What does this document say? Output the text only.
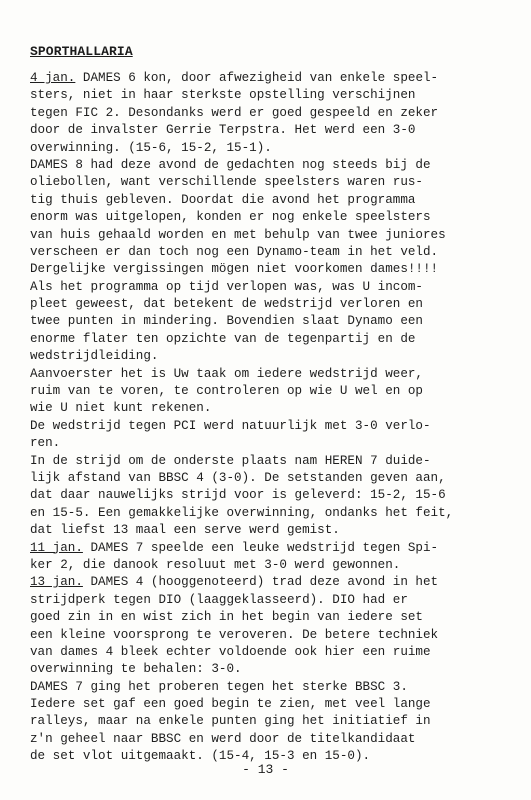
SPORTHALLARIA
4 jan. DAMES 6 kon, door afwezigheid van enkele speel-
sters, niet in haar sterkste opstelling verschijnen
tegen FIC 2. Desondanks werd er goed gespeeld en zeker
door de invalster Gerrie Terpstra. Het werd een 3-0
overwinning. (15-6, 15-2, 15-1).
DAMES 8 had deze avond de gedachten nog steeds bij de
oliebollen, want verschillende speelsters waren rus-
tig thuis gebleven. Doordat die avond het programma
enorm was uitgelopen, konden er nog enkele speelsters
van huis gehaald worden en met behulp van twee juniores
verscheen er dan toch nog een Dynamo-team in het veld.
Dergelijke vergissingen mögen niet voorkomen dames!!!!
Als het programma op tijd verlopen was, was U incom-
pleet geweest, dat betekent de wedstrijd verloren en
twee punten in mindering. Bovendien slaat Dynamo een
enorme flater ten opzichte van de tegenpartij en de
wedstrijdleiding.
Aanvoerster het is Uw taak om iedere wedstrijd weer,
ruim van te voren, te controleren op wie U wel en op
wie U niet kunt rekenen.
De wedstrijd tegen PCI werd natuurlijk met 3-0 verlo-
ren.
In de strijd om de onderste plaats nam HEREN 7 duide-
lijk afstand van BBSC 4 (3-0). De setstanden geven aan,
dat daar nauwelijks strijd voor is geleverd: 15-2, 15-6
en 15-5. Een gemakkelijke overwinning, ondanks het feit,
dat liefst 13 maal een serve werd gemist.
11 jan. DAMES 7 speelde een leuke wedstrijd tegen Spi-
ker 2, die danook resoluut met 3-0 werd gewonnen.
13 jan. DAMES 4 (hooggenoteerd) trad deze avond in het
strijdperk tegen DIO (laaggeklasseerd). DIO had er
goed zin in en wist zich in het begin van iedere set
een kleine voorsprong te veroveren. De betere techniek
van dames 4 bleek echter voldoende ook hier een ruime
overwinning te behalen: 3-0.
DAMES 7 ging het proberen tegen het sterke BBSC 3.
Iedere set gaf een goed begin te zien, met veel lange
ralleys, maar na enkele punten ging het initiatief in
z'n geheel naar BBSC en werd door de titelkandidaat
de set vlot uitgemaakt. (15-4, 15-3 en 15-0).

- 13 -
